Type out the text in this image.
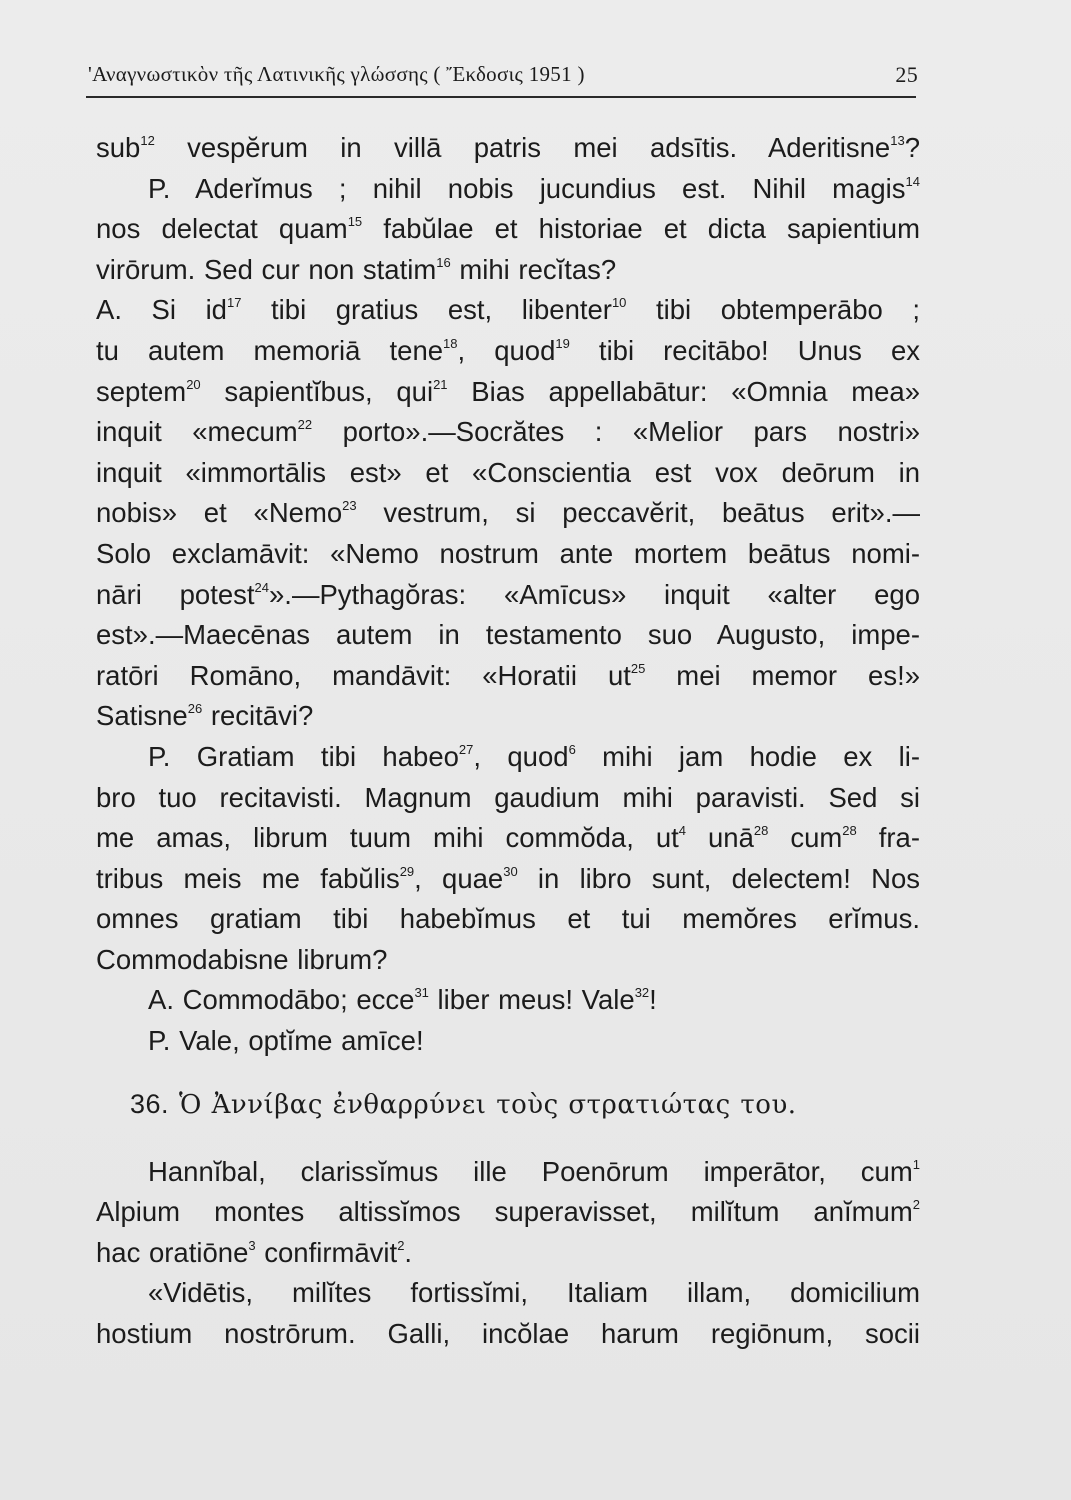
'Αναγνωστικὸν τῆς Λατινικῆς γλώσσης ( Ἔκδοσις 1951 )	25
sub$^{12}$ vespĕrum in villā patris mei adsītis. Aderitisne$^{13}$?
P. Aderĭmus ; nihil nobis jucundius est. Nihil magis$^{14}$
nos delectat quam$^{15}$ fabŭlae et historiae et dicta sapientium
virōrum. Sed cur non statim$^{16}$ mihi recĭtas?
A. Si $id^{17}$ tibi gratius est, libenter$^{10}$ tibi obtemperābo ;
tu autem memoriā tene$^{18}$, quod$^{19}$ tibi recitābo! Unus ex
septem$^{20}$ sapientĭbus, qui$^{21}$ Bias appellabātur: «Omnia mea»
inquit «mecum$^{22}$ porto».—Socrătes : «Melior pars nostri»
inquit «immortālis est» et «Conscientia est vox deōrum in
nobis» et «Nemo$^{23}$ vestrum, si peccavĕrit, beātus erit».—
Solo exclamāvit: «Nemo nostrum ante mortem beātus nomi-
nāri potest$^{24}$».—Pythagŏras: «Amīcus» inquit «alter ego
est».—Maecēnas autem in testamento suo Augusto, impe-
ratōri Romāno, mandāvit: «Horatii $ut^{25}$ mei memor es!»
Satisne$^{26}$ recitāvi?
P. Gratiam tibi habeo$^{27}$, quod$^6$ mihi jam hodie ex li-
bro tuo recitavisti. Magnum gaudium mihi paravisti. Sed si
me amas, librum tuum mihi commŏda, $ut^4$ unā$^{28}$ cum$^{28}$ fra-
tribus meis me fabŭlis$^{29}$, quae$^{30}$ in libro sunt, delectem! Nos
omnes gratiam tibi habebĭmus et tui memŏres erĭmus.
Commodabisne librum?
A. Commodābo; ecce$^{31}$ liber meus! Vale$^{32}$!
P. Vale, optĭme amīce!
36. Ὁ Ἀννίβας ἐνθαρρύνει τοὺς στρατιώτας του.
Hannĭbal, clarissĭmus ille Poenōrum imperātor, cum$^1$
Alpium montes altissĭmos superavisset, milĭtum anĭmum$^2$
hac oratiōne$^3$ confirmāvit$^2$.
«Vidētis, milĭtes fortissĭmi, Italiam illam, domicilium
hostium nostrōrum. Galli, incŏlae harum regiōnum, socii
